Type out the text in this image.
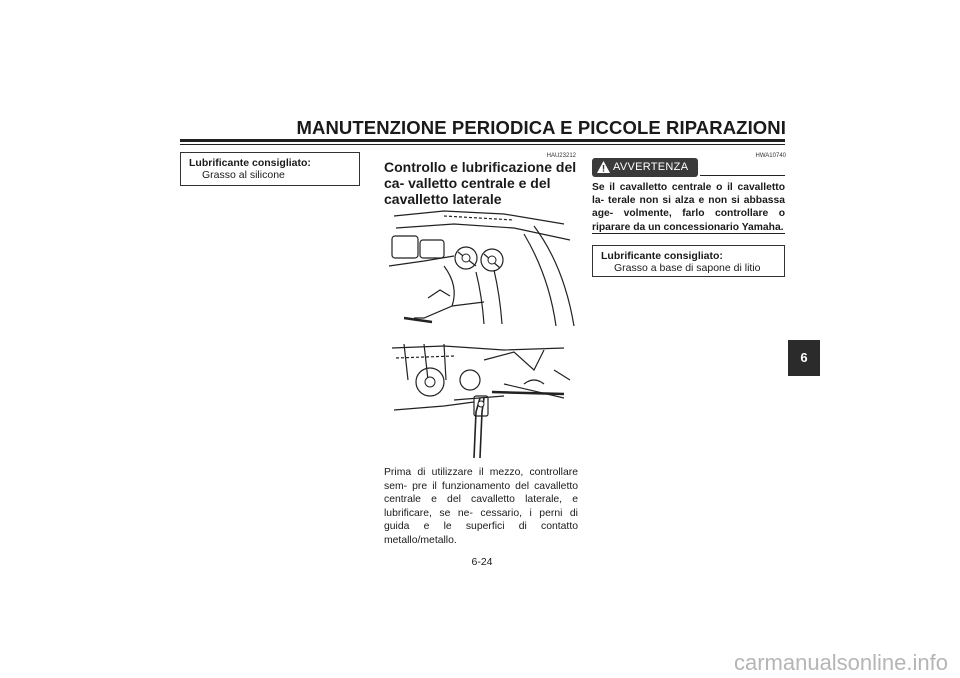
MANUTENZIONE PERIODICA E PICCOLE RIPARAZIONI
Lubrificante consigliato:
Grasso al silicone
HAU23212
Controllo e lubrificazione del ca- valletto centrale e del cavalletto laterale

Prima di utilizzare il mezzo, controllare sem- pre il funzionamento del cavalletto centrale e del cavalletto laterale, e lubrificare, se ne- cessario, i perni di guida e le superfici di contatto metallo/metallo.

HWA10740
AVVERTENZA

Se il cavalletto centrale o il cavalletto la- terale non si alza e non si abbassa age- volmente, farlo controllare o riparare da un concessionario Yamaha.

Lubrificante consigliato:
Grasso a base di sapone di litio
6
6-24
carmanualsonline.info
